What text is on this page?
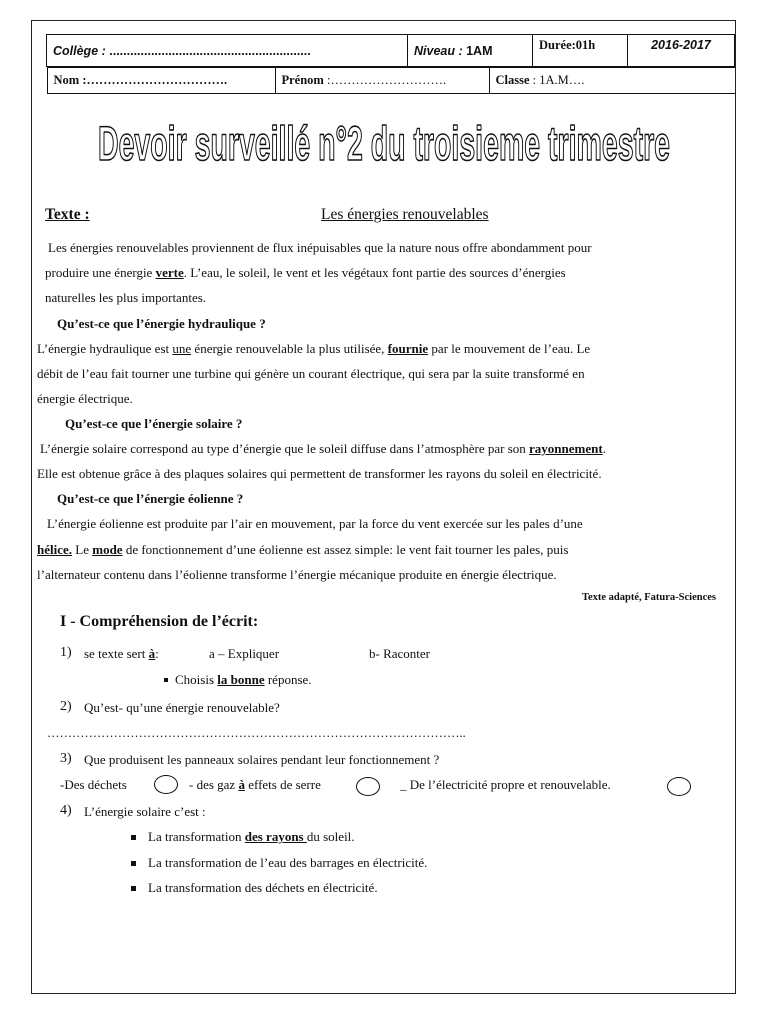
Collège : ..........................................................	Niveau : 1AM	Durée:01h	2016-2017

Nom :…………………………….	Prénom :……………………….	Classe : 1A.M….
Devoir surveillé n°2 du troisieme trimestre
Texte :	Les énergies renouvelables
Les énergies renouvelables proviennent de flux inépuisables que la nature nous offre abondamment pour
produire une énergie verte. L’eau, le soleil, le vent et les végétaux font partie des sources d’énergies
naturelles les plus importantes.
Qu’est-ce que l’énergie hydraulique ?
L’énergie hydraulique est une énergie renouvelable la plus utilisée, fournie par le mouvement de l’eau. Le
débit de l’eau fait tourner une turbine qui génère un courant électrique, qui sera par la suite transformé en
énergie électrique.
Qu’est-ce que l’énergie solaire ?
L’énergie solaire correspond au type d’énergie que le soleil diffuse dans l’atmosphère par son rayonnement.
Elle est obtenue grâce à des plaques solaires qui permettent de transformer les rayons du soleil en électricité.
Qu’est-ce que l’énergie éolienne ?
L’énergie éolienne est produite par l’air en mouvement, par la force du vent exercée sur les pales d’une
hélice. Le mode de fonctionnement d’une éolienne est assez simple: le vent fait tourner les pales, puis
l’alternateur contenu dans l’éolienne transforme l’énergie mécanique produite en énergie électrique.
Texte adapté, Fatura-Sciences
I - Compréhension de l’écrit:
1) se texte sert à:	a – Expliquer	b- Raconter
Choisis la bonne réponse.
2) Qu’est- qu’une énergie renouvelable?
………………………………………………………………………………………..
3) Que produisent les panneaux solaires pendant leur fonctionnement ?
-Des déchets	- des gaz à effets de serre	_ De l’électricité propre et renouvelable.
4) L’énergie solaire c’est :
La transformation des rayons du soleil.
La transformation de l’eau des barrages en électricité.
La transformation des déchets en électricité.
